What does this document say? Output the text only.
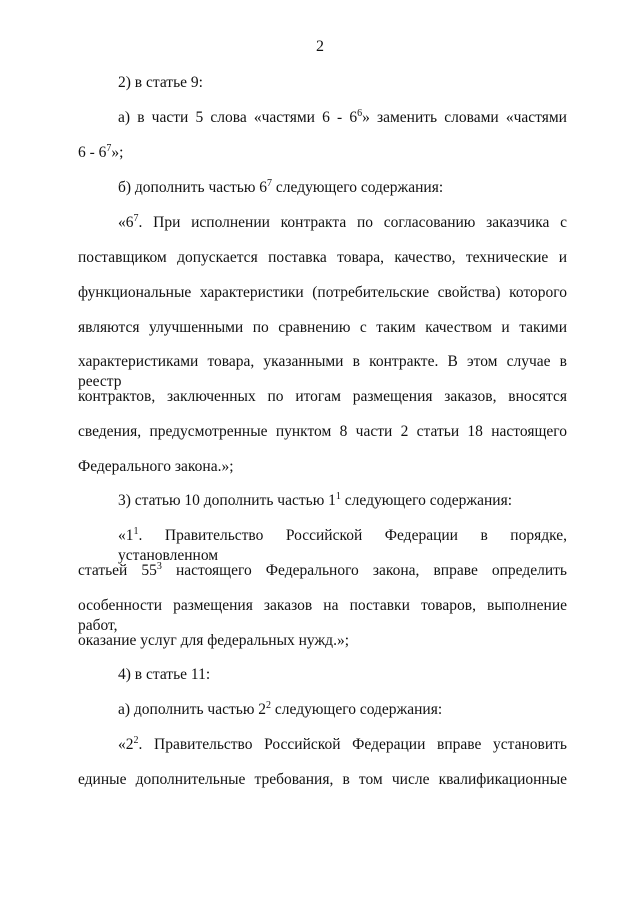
2
2) в статье 9:
а) в части 5 слова «частями $6 - 6^6$» заменить словами «частями
$6 - 6^7$»;
б) дополнить частью $6^7$ следующего содержания:
«$6^7$. При исполнении контракта по согласованию заказчика с
поставщиком допускается поставка товара, качество, технические и
функциональные характеристики (потребительские свойства) которого
являются улучшенными по сравнению с таким качеством и такими
характеристиками товара, указанными в контракте. В этом случае в реестр
контрактов, заключенных по итогам размещения заказов, вносятся
сведения, предусмотренные пунктом 8 части 2 статьи 18 настоящего
Федерального закона.»;
3) статью 10 дополнить частью $1^1$ следующего содержания:
«$1^1$. Правительство Российской Федерации в порядке, установленном
статьей $55^3$ настоящего Федерального закона, вправе определить
особенности размещения заказов на поставки товаров, выполнение работ,
оказание услуг для федеральных нужд.»;
4) в статье 11:
а) дополнить частью $2^2$ следующего содержания:
«$2^2$. Правительство Российской Федерации вправе установить
единые дополнительные требования, в том числе квалификационные
